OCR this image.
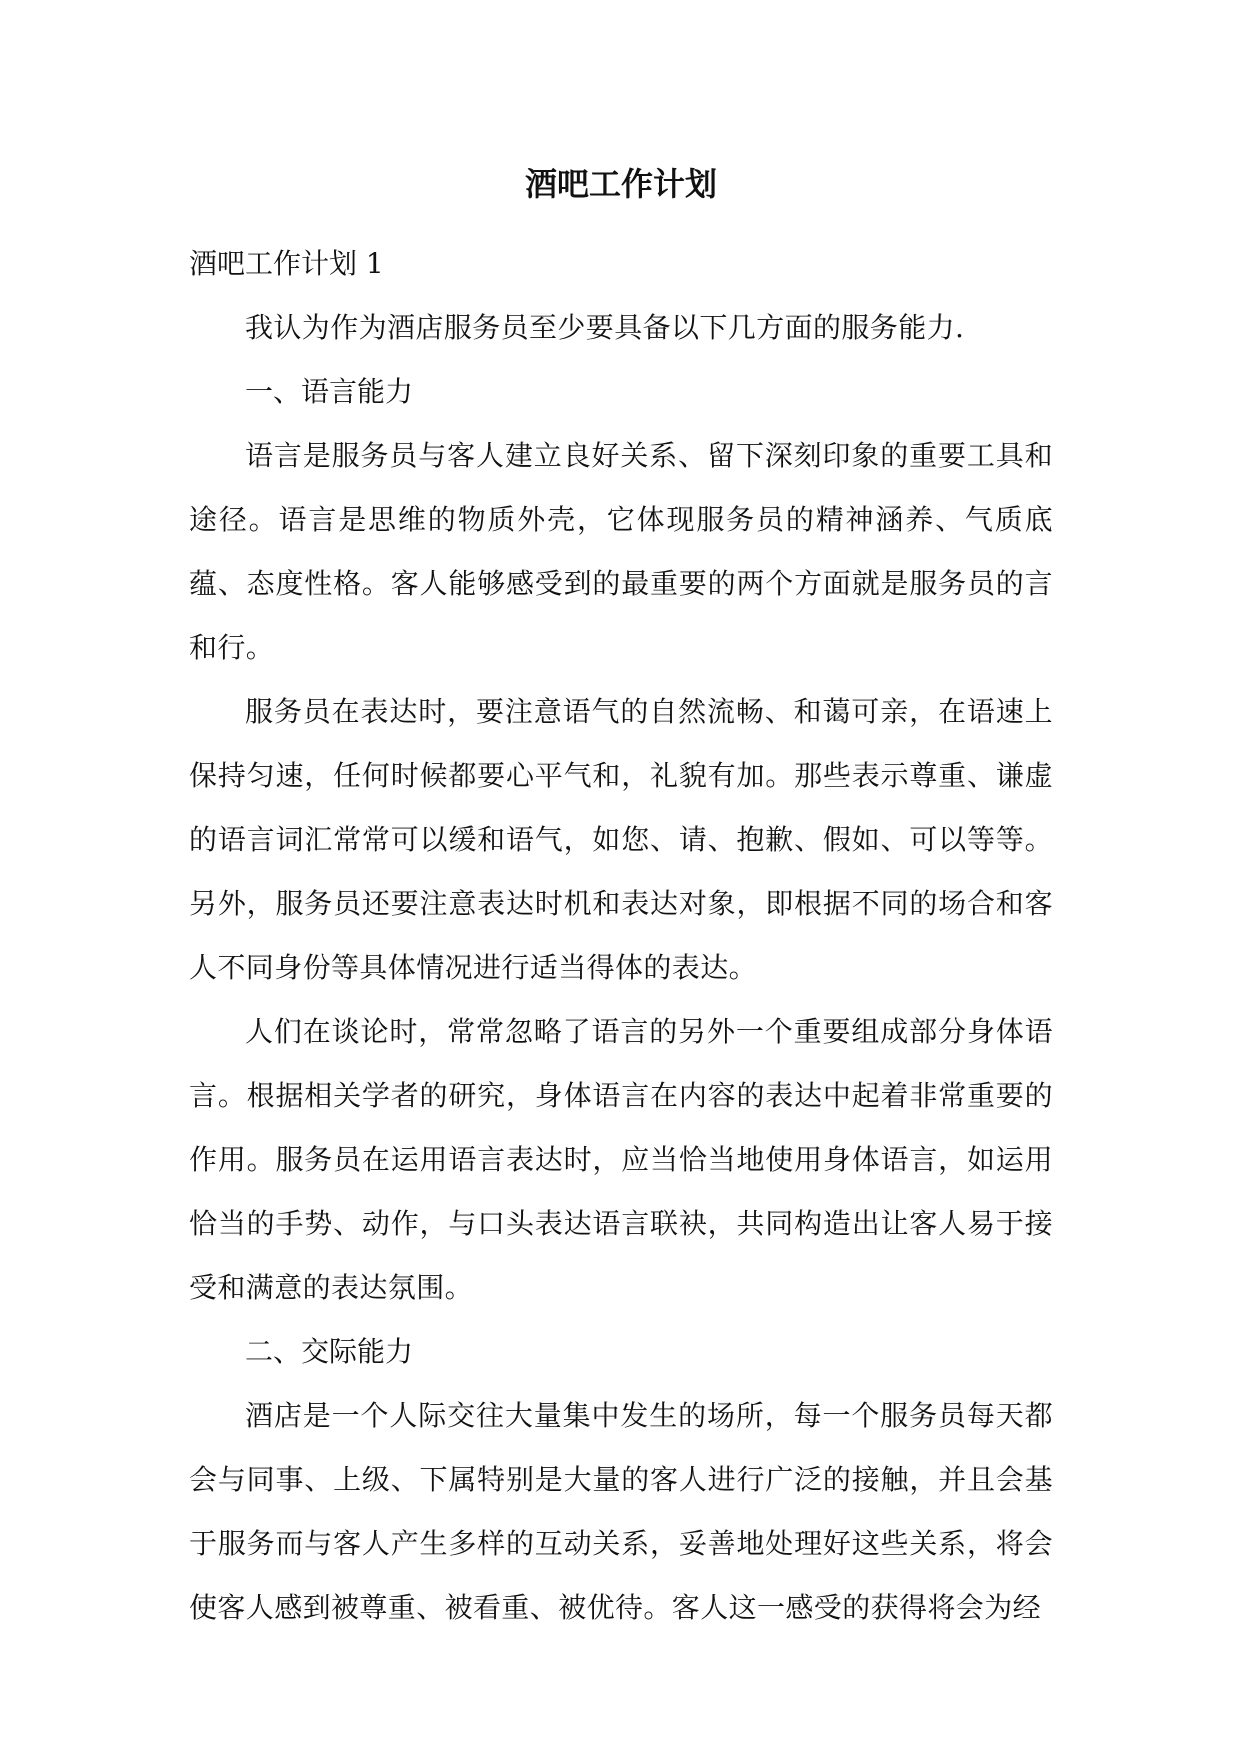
酒吧工作计划

酒吧工作计划 1

我认为作为酒店服务员至少要具备以下几方面的服务能力.

一、语言能力

语言是服务员与客人建立良好关系、留下深刻印象的重要工具和途径。语言是思维的物质外壳，它体现服务员的精神涵养、气质底蕴、态度性格。客人能够感受到的最重要的两个方面就是服务员的言和行。

服务员在表达时，要注意语气的自然流畅、和蔼可亲，在语速上保持匀速，任何时候都要心平气和，礼貌有加。那些表示尊重、谦虚的语言词汇常常可以缓和语气，如您、请、抱歉、假如、可以等等。另外，服务员还要注意表达时机和表达对象，即根据不同的场合和客人不同身份等具体情况进行适当得体的表达。

人们在谈论时，常常忽略了语言的另外一个重要组成部分身体语言。根据相关学者的研究，身体语言在内容的表达中起着非常重要的作用。服务员在运用语言表达时，应当恰当地使用身体语言，如运用恰当的手势、动作，与口头表达语言联袂，共同构造出让客人易于接受和满意的表达氛围。

二、交际能力

酒店是一个人际交往大量集中发生的场所，每一个服务员每天都会与同事、上级、下属特别是大量的客人进行广泛的接触，并且会基于服务而与客人产生多样的互动关系，妥善地处理好这些关系，将会使客人感到被尊重、被看重、被优待。客人这一感受的获得将会为经
